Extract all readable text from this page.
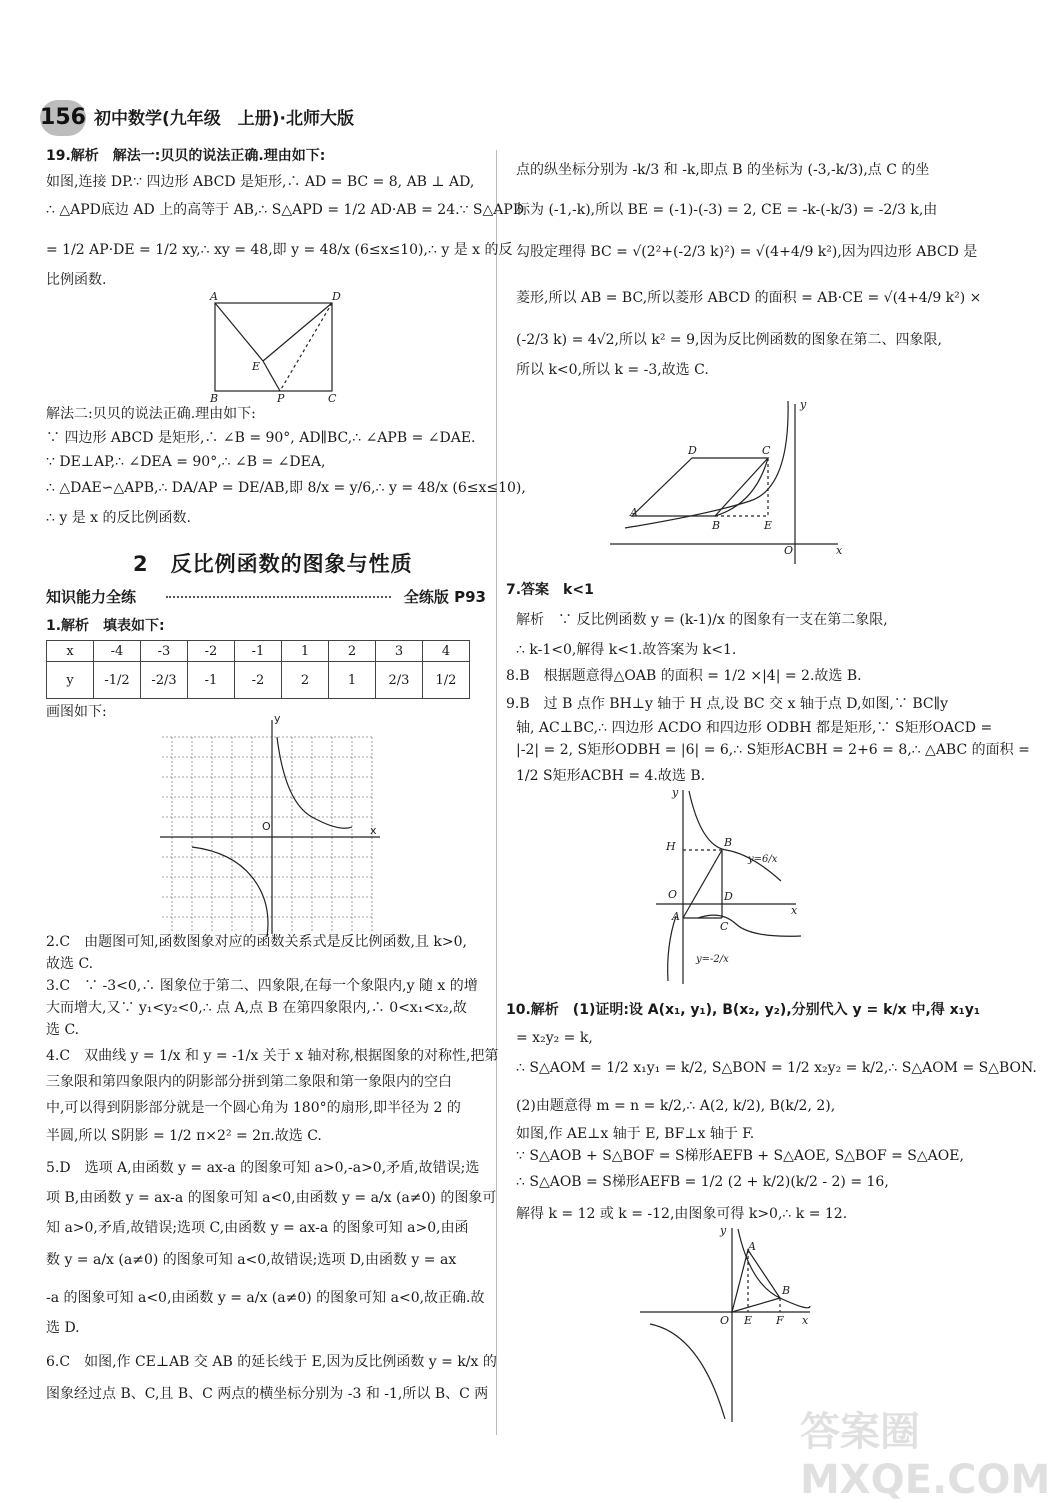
156 初中数学(九年级　上册)·北师大版
19.解析　解法一:贝贝的说法正确.理由如下:
如图,连接 DP.∵ 四边形 ABCD 是矩形,∴ AD = BC = 8, AB ⊥ AD,
∴ △APD底边 AD 上的高等于 AB,∴ S△APD = 1/2 AD·AB = 24.∵ S△APD
= 1/2 AP·DE = 1/2 xy,∴ xy = 48,即 y = 48/x (6≤x≤10),∴ y 是 x 的反
比例函数.
A	D
B	C
E
P
解法二:贝贝的说法正确.理由如下:
∵ 四边形 ABCD 是矩形,∴ ∠B = 90°, AD∥BC,∴ ∠APB = ∠DAE.
∵ DE⊥AP,∴ ∠DEA = 90°,∴ ∠B = ∠DEA,
∴ △DAE∽△APB,∴ DA/AP = DE/AB,即 8/x = y/6,∴ y = 48/x (6≤x≤10),
∴ y 是 x 的反比例函数.
2　反比例函数的图象与性质
知识能力全练	全练版 P93
1.解析　填表如下:
x	-4	-3	-2	-1	1	2	3	4
y	-1/2	-2/3	-1	-2	2	1	2/3	1/2
画图如下:	y
x
O
2.C　由题图可知,函数图象对应的函数关系式是反比例函数,且 k>0,
故选 C.
3.C　∵ -3<0,∴ 图象位于第二、四象限,在每一个象限内,y 随 x 的增
大而增大,又∵ y₁<y₂<0,∴ 点 A,点 B 在第四象限内,∴ 0<x₁<x₂,故
选 C.
4.C　双曲线 y = 1/x 和 y = -1/x 关于 x 轴对称,根据图象的对称性,把第
三象限和第四象限内的阴影部分拼到第二象限和第一象限内的空白
中,可以得到阴影部分就是一个圆心角为 180°的扇形,即半径为 2 的
半圆,所以 S阴影 = 1/2 π×2² = 2π.故选 C.
5.D　选项 A,由函数 y = ax-a 的图象可知 a>0,-a>0,矛盾,故错误;选
项 B,由函数 y = ax-a 的图象可知 a<0,由函数 y = a/x (a≠0) 的图象可
知 a>0,矛盾,故错误;选项 C,由函数 y = ax-a 的图象可知 a>0,由函
数 y = a/x (a≠0) 的图象可知 a<0,故错误;选项 D,由函数 y = ax
-a 的图象可知 a<0,由函数 y = a/x (a≠0) 的图象可知 a<0,故正确.故
选 D.
6.C　如图,作 CE⊥AB 交 AB 的延长线于 E,因为反比例函数 y = k/x 的
图象经过点 B、C,且 B、C 两点的横坐标分别为 -3 和 -1,所以 B、C 两
点的纵坐标分别为 -k/3 和 -k,即点 B 的坐标为 (-3,-k/3),点 C 的坐
标为 (-1,-k),所以 BE = (-1)-(-3) = 2, CE = -k-(-k/3) = -2/3 k,由
勾股定理得 BC = √(2²+(-2/3 k)²) = √(4+4/9 k²),因为四边形 ABCD 是
菱形,所以 AB = BC,所以菱形 ABCD 的面积 = AB·CE = √(4+4/9 k²) ×
(-2/3 k) = 4√2,所以 k² = 9,因为反比例函数的图象在第二、四象限,
所以 k<0,所以 k = -3,故选 C.
y
x
O
A
B
C
D
E
7.答案　k<1
解析　∵ 反比例函数 y = (k-1)/x 的图象有一支在第二象限,
∴ k-1<0,解得 k<1.故答案为 k<1.
8.B　根据题意得△OAB 的面积 = 1/2 ×|4| = 2.故选 B.
9.B　过 B 点作 BH⊥y 轴于 H 点,设 BC 交 x 轴于点 D,如图,∵ BC∥y
轴, AC⊥BC,∴ 四边形 ACDO 和四边形 ODBH 都是矩形,∵ S矩形OACD =
|-2| = 2, S矩形ODBH = |6| = 6,∴ S矩形ACBH = 2+6 = 8,∴ △ABC 的面积 =
1/2 S矩形ACBH = 4.故选 B.
y
x
H	B
O	D
A
C
y=6/x
y=-2/x
10.解析　(1)证明:设 A(x₁, y₁), B(x₂, y₂),分别代入 y = k/x 中,得 x₁y₁
= x₂y₂ = k,
∴ S△AOM = 1/2 x₁y₁ = k/2, S△BON = 1/2 x₂y₂ = k/2,∴ S△AOM = S△BON.
(2)由题意得 m = n = k/2,∴ A(2, k/2), B(k/2, 2),
如图,作 AE⊥x 轴于 E, BF⊥x 轴于 F.
∵ S△AOB + S△BOF = S梯形AEFB + S△AOE, S△BOF = S△AOE,
∴ S△AOB = S梯形AEFB = 1/2 (2 + k/2)(k/2 - 2) = 16,
解得 k = 12 或 k = -12,由图象可得 k>0,∴ k = 12.
y
x
A
B
O E F
答案圈 MXQE.COM
